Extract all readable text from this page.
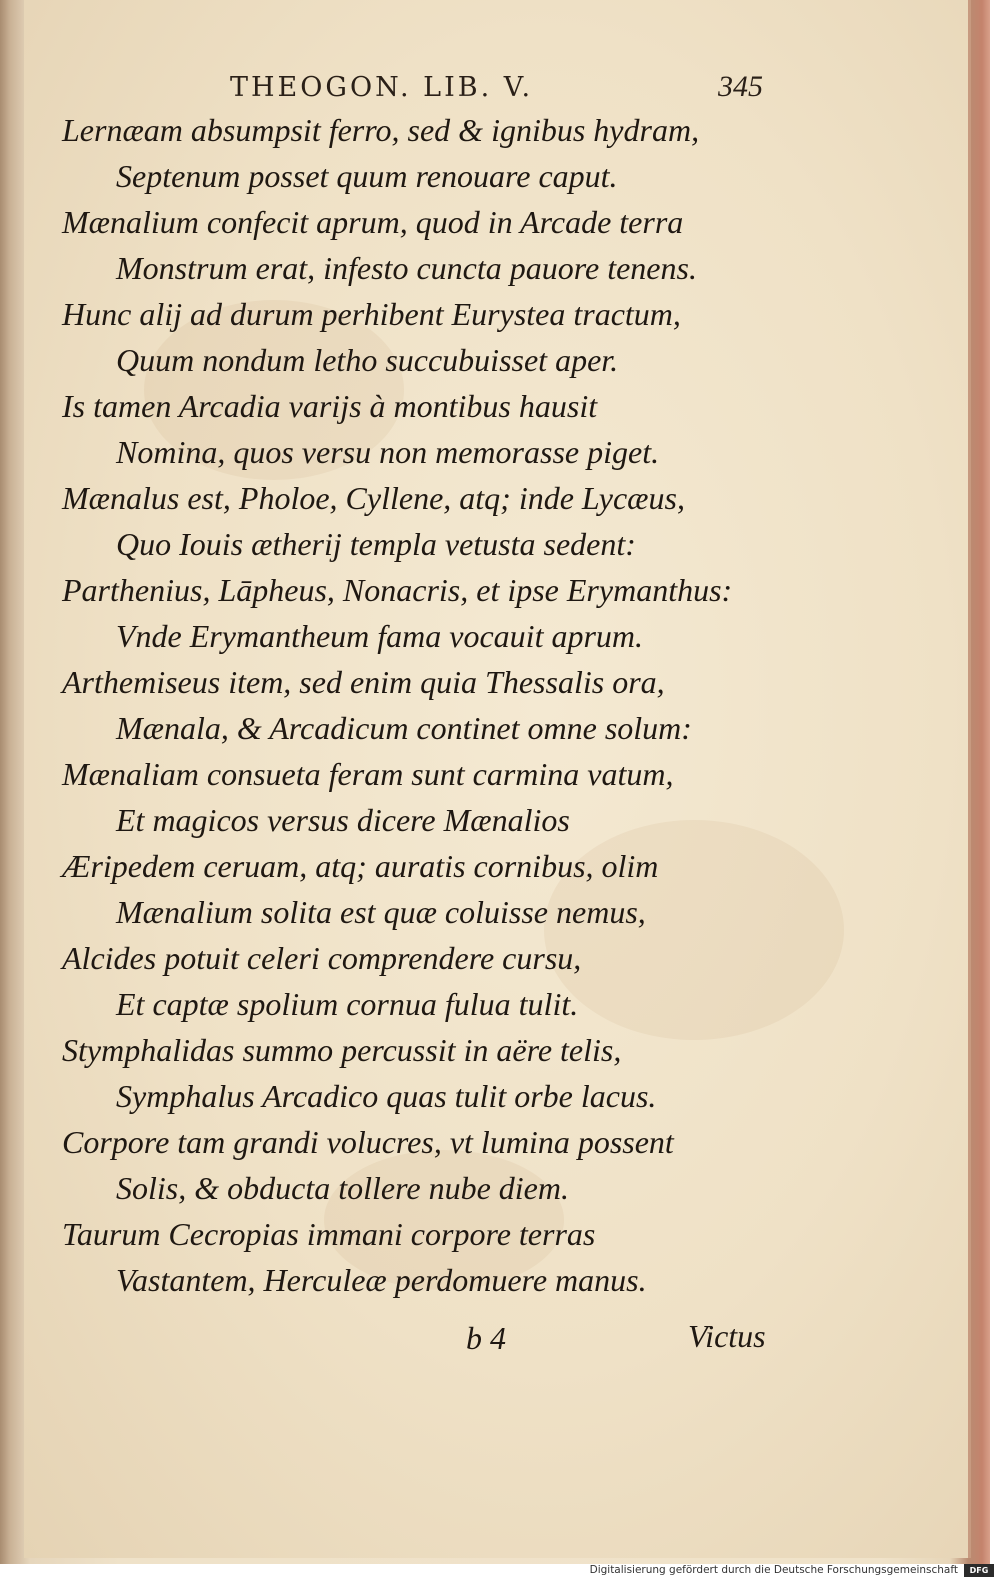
THEOGON. LIB. V.	345
Lernæam absumpsit ferro, sed & ignibus hydram,
Septenum posset quum renouare caput.
Mænalium confecit aprum, quod in Arcade terra
Monstrum erat, infesto cuncta pauore tenens.
Hunc alij ad durum perhibent Eurystea tractum,
Quum nondum letho succubuisset aper.
Is tamen Arcadia varijs à montibus hausit
Nomina, quos versu non memorasse piget.
Mænalus est, Pholoe, Cyllene, atq; inde Lycæus,
Quo Iouis ætherij templa vetusta sedent:
Parthenius, Lāpheus, Nonacris, et ipse Erymanthus:
Vnde Erymantheum fama vocauit aprum.
Arthemiseus item, sed enim quia Thessalis ora,
Mænala, & Arcadicum continet omne solum:
Mænaliam consueta feram sunt carmina vatum,
Et magicos versus dicere Mænalios
Æripedem ceruam, atq; auratis cornibus, olim
Mænalium solita est quæ coluisse nemus,
Alcides potuit celeri comprendere cursu,
Et captæ spolium cornua fulua tulit.
Stymphalidas summo percussit in aëre telis,
Symphalus Arcadico quas tulit orbe lacus.
Corpore tam grandi volucres, vt lumina possent
Solis, & obducta tollere nube diem.
Taurum Cecropias immani corpore terras
Vastantem, Herculeæ perdomuere manus.
b 4	Victus
Digitalisierung gefördert durch die Deutsche Forschungsgemeinschaft	DFG
